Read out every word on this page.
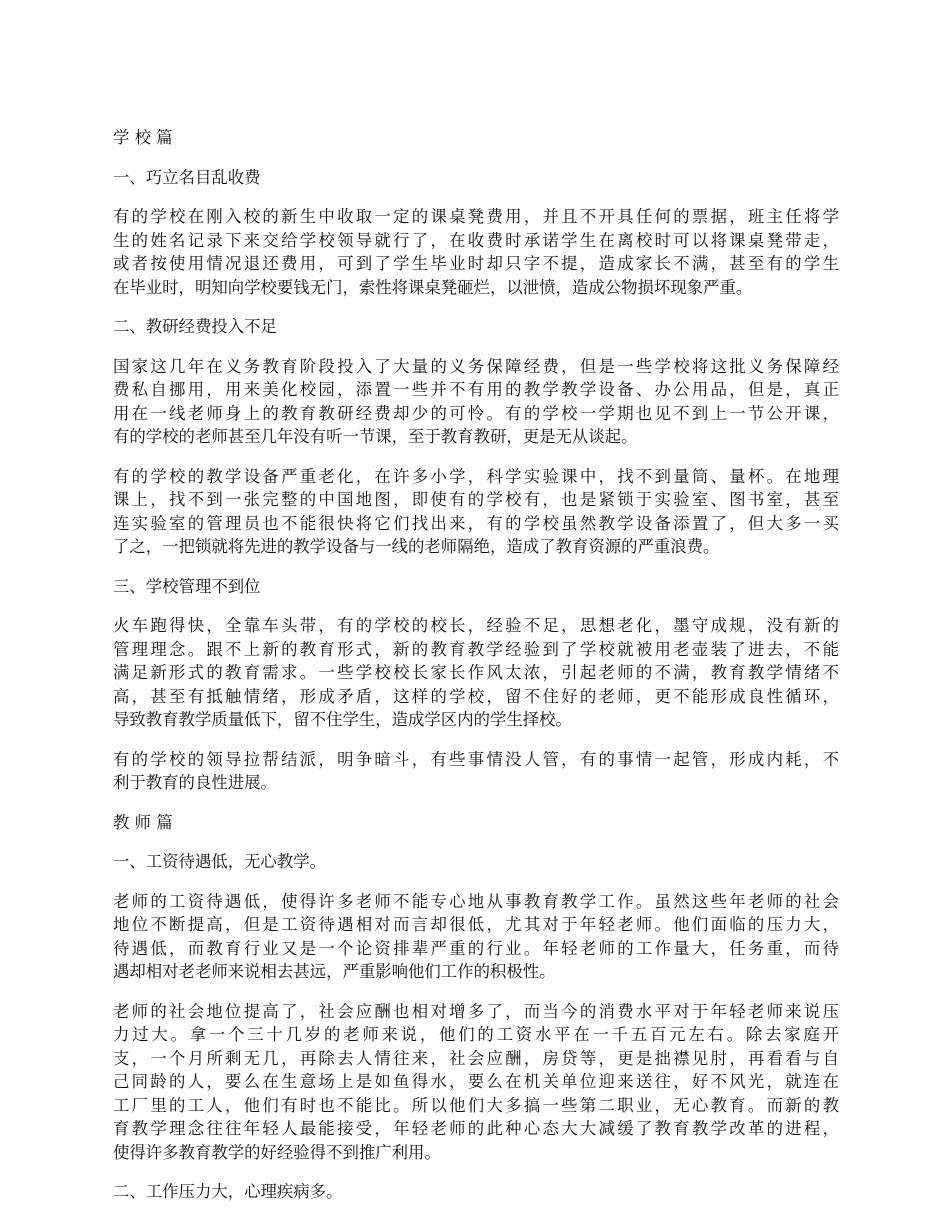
学 校 篇
一、巧立名目乱收费
有的学校在刚入校的新生中收取一定的课桌凳费用，并且不开具任何的票据，班主任将学
生的姓名记录下来交给学校领导就行了，在收费时承诺学生在离校时可以将课桌凳带走，
或者按使用情况退还费用，可到了学生毕业时却只字不提，造成家长不满，甚至有的学生
在毕业时，明知向学校要钱无门，索性将课桌凳砸烂，以泄愤，造成公物损坏现象严重。
二、教研经费投入不足
国家这几年在义务教育阶段投入了大量的义务保障经费，但是一些学校将这批义务保障经
费私自挪用，用来美化校园，添置一些并不有用的教学教学设备、办公用品，但是，真正
用在一线老师身上的教育教研经费却少的可怜。有的学校一学期也见不到上一节公开课，
有的学校的老师甚至几年没有听一节课，至于教育教研，更是无从谈起。
有的学校的教学设备严重老化，在许多小学，科学实验课中，找不到量筒、量杯。在地理
课上，找不到一张完整的中国地图，即使有的学校有，也是紧锁于实验室、图书室，甚至
连实验室的管理员也不能很快将它们找出来，有的学校虽然教学设备添置了，但大多一买
了之，一把锁就将先进的教学设备与一线的老师隔绝，造成了教育资源的严重浪费。
三、学校管理不到位
火车跑得快，全靠车头带，有的学校的校长，经验不足，思想老化，墨守成规，没有新的
管理理念。跟不上新的教育形式，新的教育教学经验到了学校就被用老壶装了进去，不能
满足新形式的教育需求。一些学校校长家长作风太浓，引起老师的不满，教育教学情绪不
高，甚至有抵触情绪，形成矛盾，这样的学校，留不住好的老师，更不能形成良性循环，
导致教育教学质量低下，留不住学生，造成学区内的学生择校。
有的学校的领导拉帮结派，明争暗斗，有些事情没人管，有的事情一起管，形成内耗，不
利于教育的良性进展。
教 师 篇
一、工资待遇低，无心教学。
老师的工资待遇低，使得许多老师不能专心地从事教育教学工作。虽然这些年老师的社会
地位不断提高，但是工资待遇相对而言却很低，尤其对于年轻老师。他们面临的压力大，
待遇低，而教育行业又是一个论资排辈严重的行业。年轻老师的工作量大，任务重，而待
遇却相对老老师来说相去甚远，严重影响他们工作的积极性。
老师的社会地位提高了，社会应酬也相对增多了，而当今的消费水平对于年轻老师来说压
力过大。拿一个三十几岁的老师来说，他们的工资水平在一千五百元左右。除去家庭开
支，一个月所剩无几，再除去人情往来，社会应酬，房贷等，更是拙襟见肘，再看看与自
己同龄的人，要么在生意场上是如鱼得水，要么在机关单位迎来送往，好不风光，就连在
工厂里的工人，他们有时也不能比。所以他们大多搞一些第二职业，无心教育。而新的教
育教学理念往往年轻人最能接受，年轻老师的此种心态大大减缓了教育教学改革的进程，
使得许多教育教学的好经验得不到推广利用。
二、工作压力大，心理疾病多。
